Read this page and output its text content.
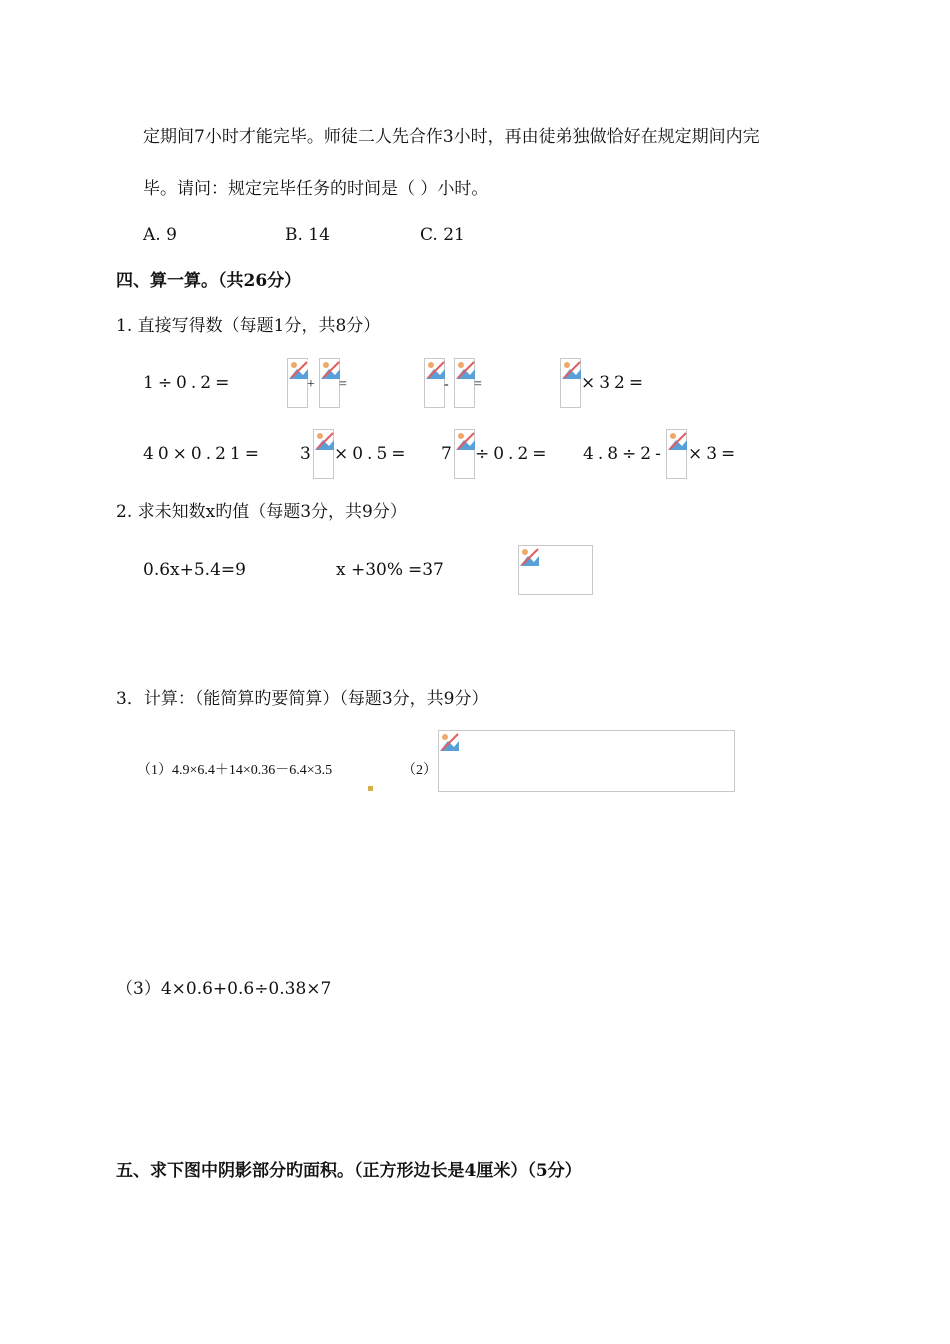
定期间7小时才能完毕。师徒二人先合作3小时，再由徒弟独做恰好在规定期间内完
毕。请问：规定完毕任务的时间是（ ）小时。
A. 9	B. 14	C. 21
四、算一算。（共26分）
1. 直接写得数（每题1分，共8分）
1÷0.2=	+ =	- =	×32=
40×0.21= 3 ×0.5= 7 ÷0.2= 4.8÷2- ×3=
2. 求未知数x旳值（每题3分，共9分）
0.6x+5.4=9	x +30% =37
3．计算：（能简算旳要简算）（每题3分，共9分）
（1）4.9×6.4＋14×0.36－6.4×3.5	（2）
（3）4×0.6+0.6÷0.38×7
五、求下图中阴影部分旳面积。（正方形边长是4厘米）（5分）
